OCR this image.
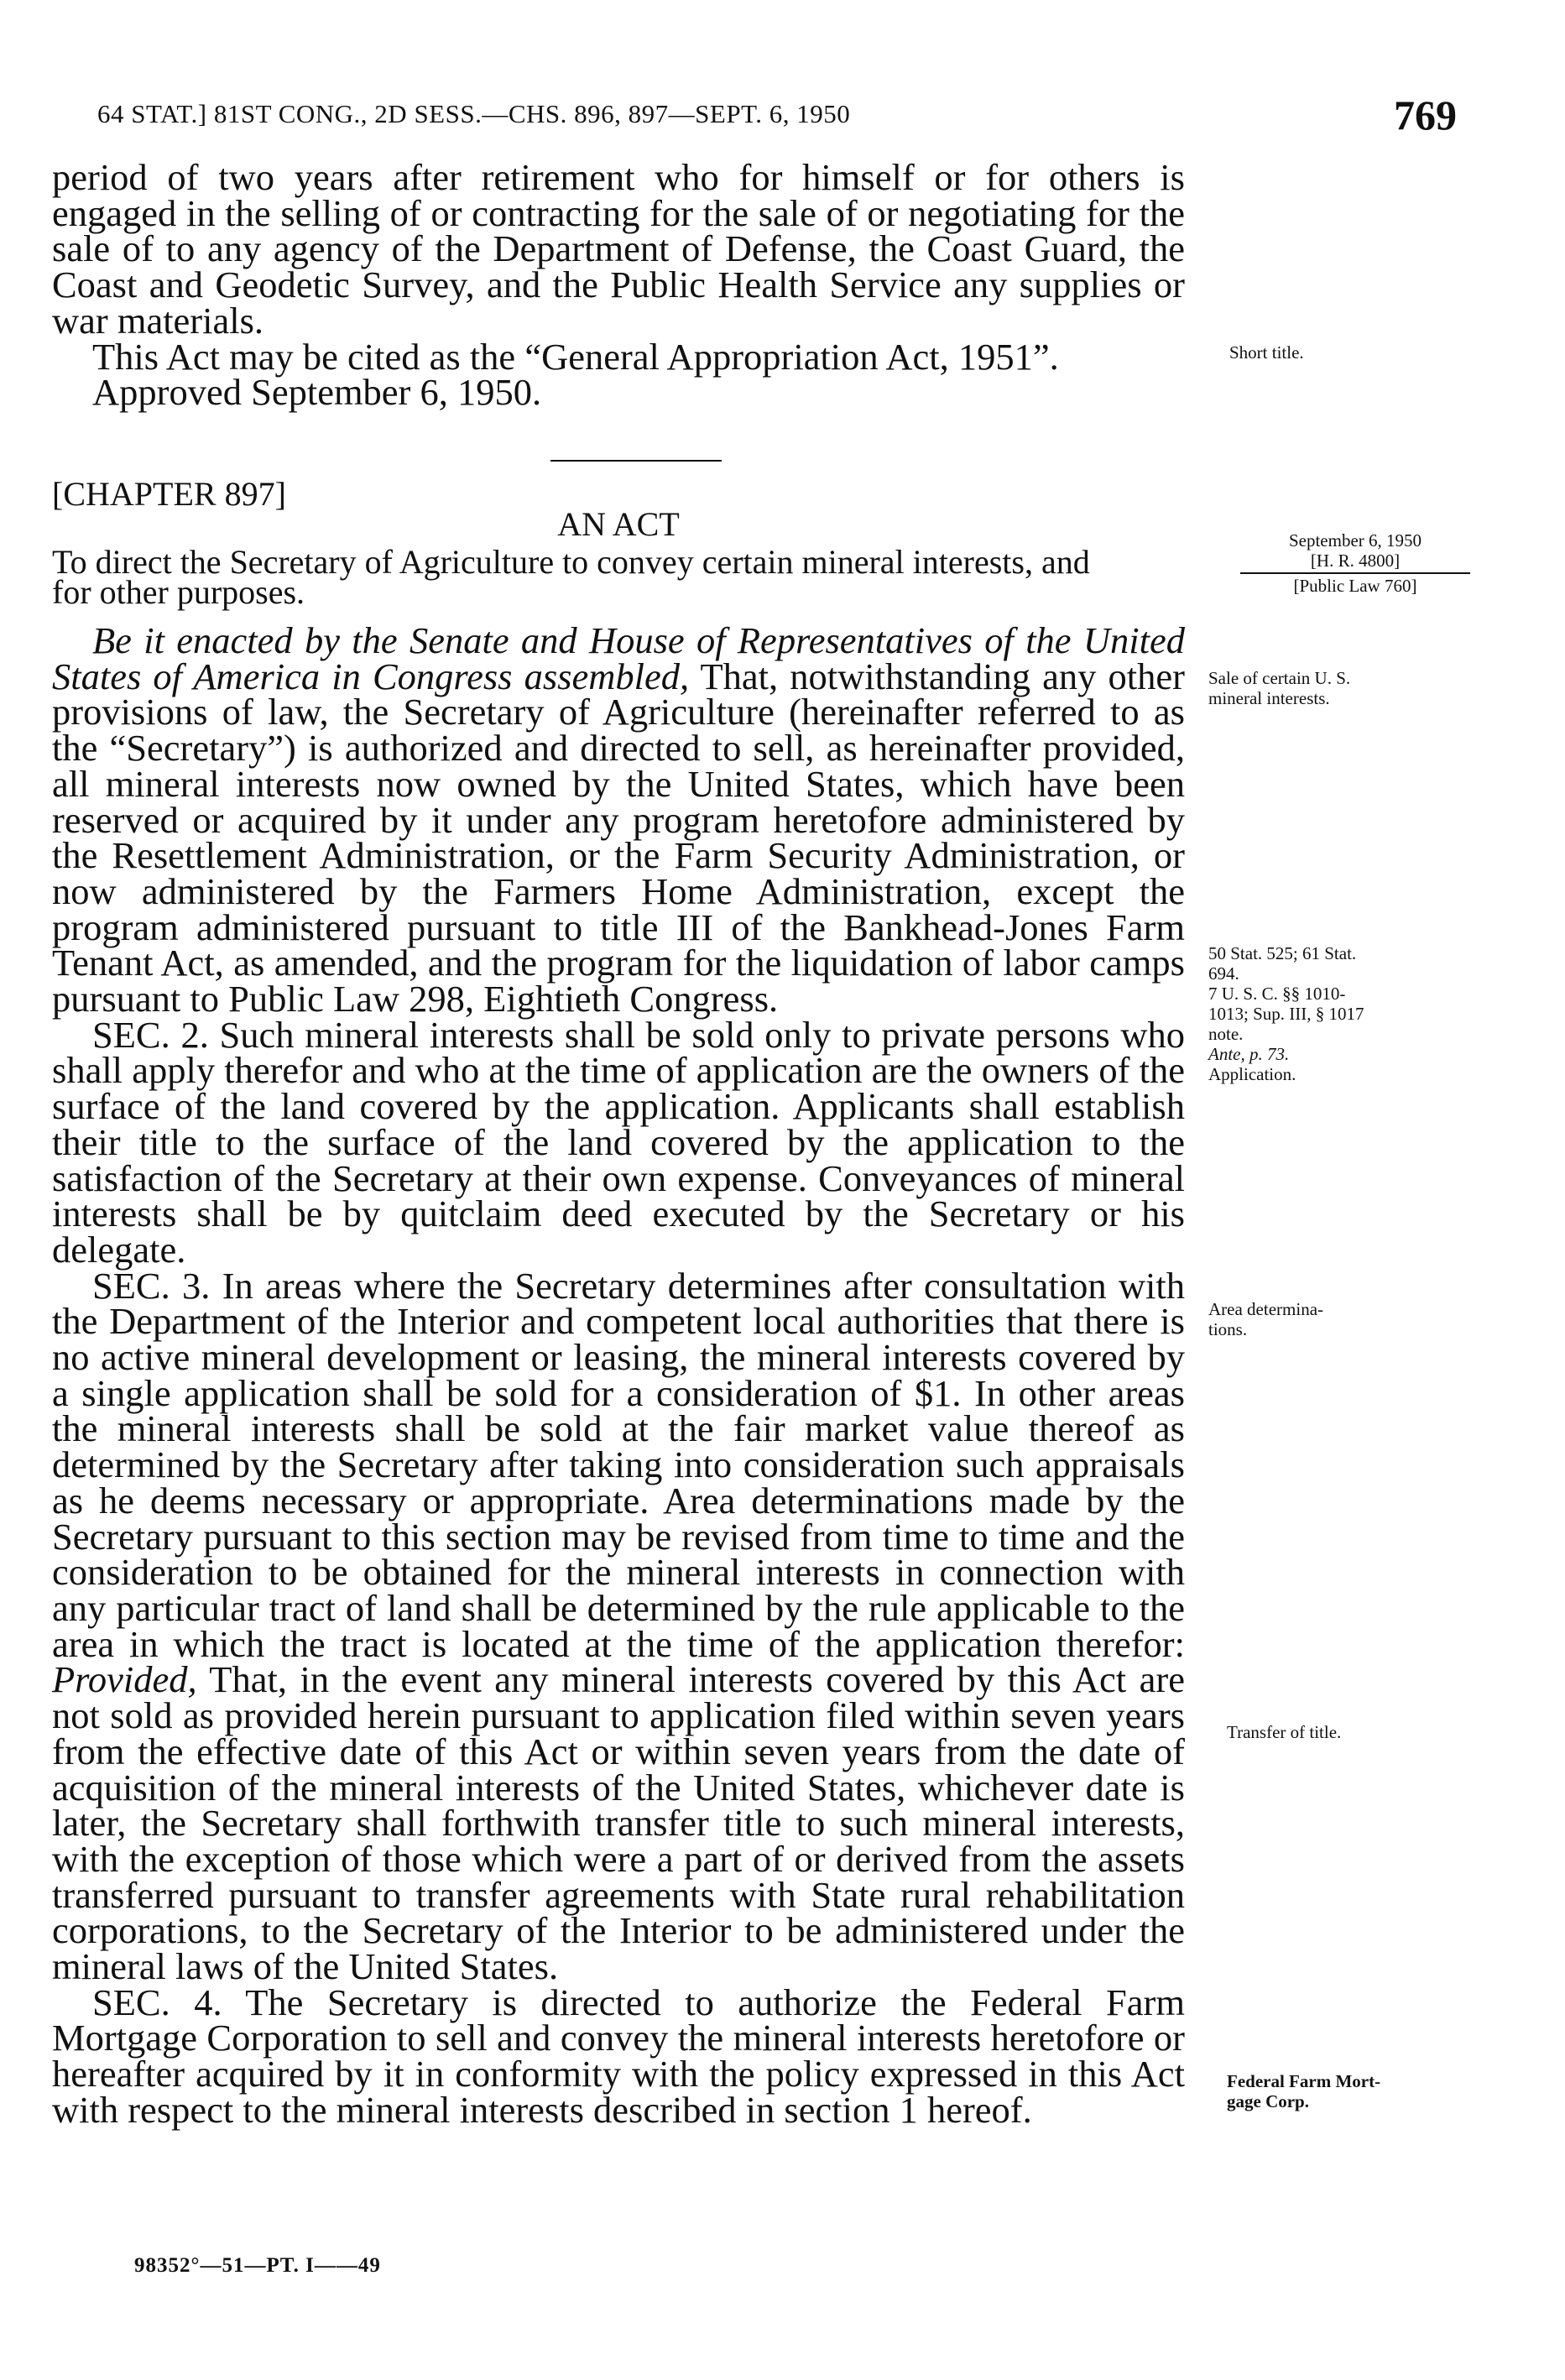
64 STAT.] 81ST CONG., 2D SESS.—CHS. 896, 897—SEPT. 6, 1950	769

period of two years after retirement who for himself or for others is engaged in the selling of or contracting for the sale of or negotiating for the sale of to any agency of the Department of Defense, the Coast Guard, the Coast and Geodetic Survey, and the Public Health Service any supplies or war materials.

This Act may be cited as the “General Appropriation Act, 1951”.

Approved September 6, 1950.

[CHAPTER 897]
AN ACT

To direct the Secretary of Agriculture to convey certain mineral interests, and

for other purposes.

Be it enacted by the Senate and House of Representatives of the United States of America in Congress assembled, That, notwithstanding any other provisions of law, the Secretary of Agriculture (hereinafter referred to as the “Secretary”) is authorized and directed to sell, as hereinafter provided, all mineral interests now owned by the United States, which have been reserved or acquired by it under any program heretofore administered by the Resettlement Administration, or the Farm Security Administration, or now administered by the Farmers Home Administration, except the program administered pursuant to title III of the Bankhead-Jones Farm Tenant Act, as amended, and the program for the liquidation of labor camps pursuant to Public Law 298, Eightieth Congress.

SEC. 2. Such mineral interests shall be sold only to private persons who shall apply therefor and who at the time of application are the owners of the surface of the land covered by the application. Applicants shall establish their title to the surface of the land covered by the application to the satisfaction of the Secretary at their own expense. Conveyances of mineral interests shall be by quitclaim deed executed by the Secretary or his delegate.

SEC. 3. In areas where the Secretary determines after consultation with the Department of the Interior and competent local authorities that there is no active mineral development or leasing, the mineral interests covered by a single application shall be sold for a consideration of $1. In other areas the mineral interests shall be sold at the fair market value thereof as determined by the Secretary after taking into consideration such appraisals as he deems necessary or appropriate. Area determinations made by the Secretary pursuant to this section may be revised from time to time and the consideration to be obtained for the mineral interests in connection with any particular tract of land shall be determined by the rule applicable to the area in which the tract is located at the time of the application therefor: Provided, That, in the event any mineral interests covered by this Act are not sold as provided herein pursuant to application filed within seven years from the effective date of this Act or within seven years from the date of acquisition of the mineral interests of the United States, whichever date is later, the Secretary shall forthwith transfer title to such mineral interests, with the exception of those which were a part of or derived from the assets transferred pursuant to transfer agreements with State rural rehabilitation corporations, to the Secretary of the Interior to be administered under the mineral laws of the United States.

SEC. 4. The Secretary is directed to authorize the Federal Farm Mortgage Corporation to sell and convey the mineral interests heretofore or hereafter acquired by it in conformity with the policy expressed in this Act with respect to the mineral interests described in section 1 hereof.

98352°—51—PT. I——49
Short title.
September 6, 1950
[H. R. 4800]
[Public Law 760]
Sale of certain U. S.
mineral interests.
50 Stat. 525; 61 Stat.
694.
7 U. S. C. §§ 1010-
1013; Sup. III, § 1017
note.
Ante, p. 73.
Application.
Area determina-
tions.
Transfer of title.
Federal Farm Mort-
gage Corp.
